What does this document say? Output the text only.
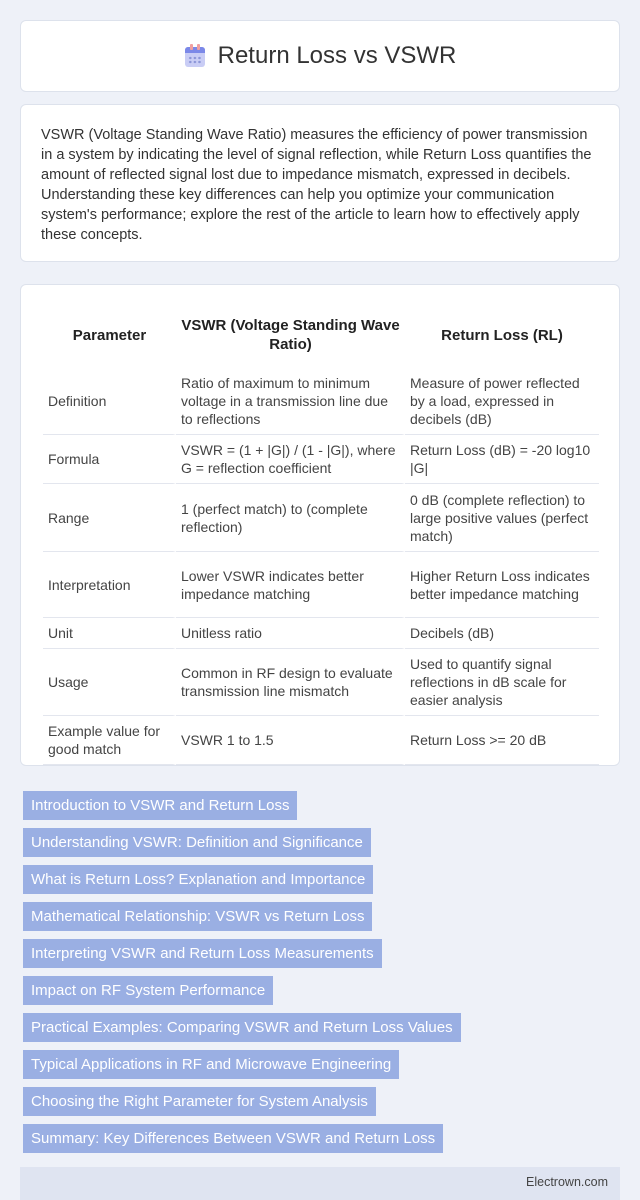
Return Loss vs VSWR

VSWR (Voltage Standing Wave Ratio) measures the efficiency of power transmission in a system by indicating the level of signal reflection, while Return Loss quantifies the amount of reflected signal lost due to impedance mismatch, expressed in decibels. Understanding these key differences can help you optimize your communication system's performance; explore the rest of the article to learn how to effectively apply these concepts.

Parameter	VSWR (Voltage Standing Wave Ratio)	Return Loss (RL)
Definition	Ratio of maximum to minimum voltage in a transmission line due to reflections	Measure of power reflected by a load, expressed in decibels (dB)
Formula	VSWR = (1 + |G|) / (1 - |G|), where G = reflection coefficient	Return Loss (dB) = -20 log10 |G|
Range	1 (perfect match) to (complete reflection)	0 dB (complete reflection) to large positive values (perfect match)
Interpretation	Lower VSWR indicates better impedance matching	Higher Return Loss indicates better impedance matching
Unit	Unitless ratio	Decibels (dB)
Usage	Common in RF design to evaluate transmission line mismatch	Used to quantify signal reflections in dB scale for easier analysis
Example value for good match	VSWR 1 to 1.5	Return Loss >= 20 dB
Introduction to VSWR and Return Loss
Understanding VSWR: Definition and Significance
What is Return Loss? Explanation and Importance
Mathematical Relationship: VSWR vs Return Loss
Interpreting VSWR and Return Loss Measurements
Impact on RF System Performance
Practical Examples: Comparing VSWR and Return Loss Values
Typical Applications in RF and Microwave Engineering
Choosing the Right Parameter for System Analysis
Summary: Key Differences Between VSWR and Return Loss
Electrown.com
